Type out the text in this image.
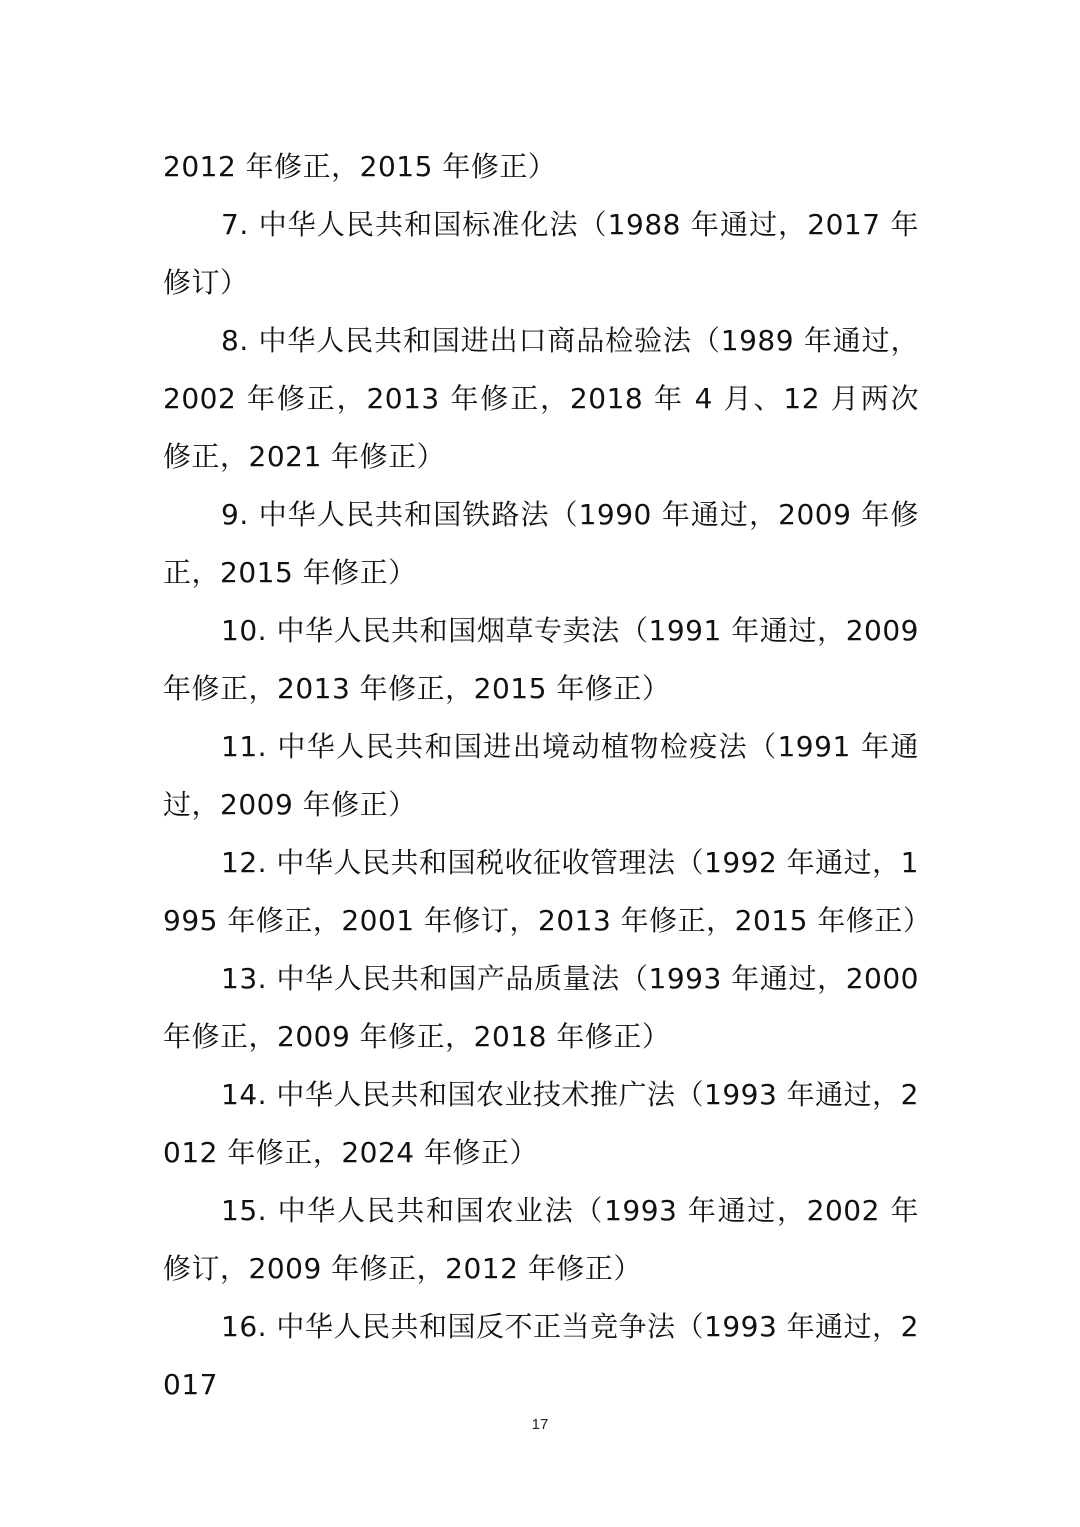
2012 年修正，2015 年修正）

7. 中华人民共和国标准化法（1988 年通过，2017 年修订）

8. 中华人民共和国进出口商品检验法（1989 年通过，2002 年修正，2013 年修正，2018 年 4 月、12 月两次修正，2021 年修正）

9. 中华人民共和国铁路法（1990 年通过，2009 年修正，2015 年修正）

10. 中华人民共和国烟草专卖法（1991 年通过，2009 年修正，2013 年修正，2015 年修正）

11. 中华人民共和国进出境动植物检疫法（1991 年通过，2009 年修正）

12. 中华人民共和国税收征收管理法（1992 年通过，1995 年修正，2001 年修订，2013 年修正，2015 年修正）

13. 中华人民共和国产品质量法（1993 年通过，2000 年修正，2009 年修正，2018 年修正）

14. 中华人民共和国农业技术推广法（1993 年通过，2012 年修正，2024 年修正）

15. 中华人民共和国农业法（1993 年通过，2002 年修订，2009 年修正，2012 年修正）

16. 中华人民共和国反不正当竞争法（1993 年通过，2017

17
